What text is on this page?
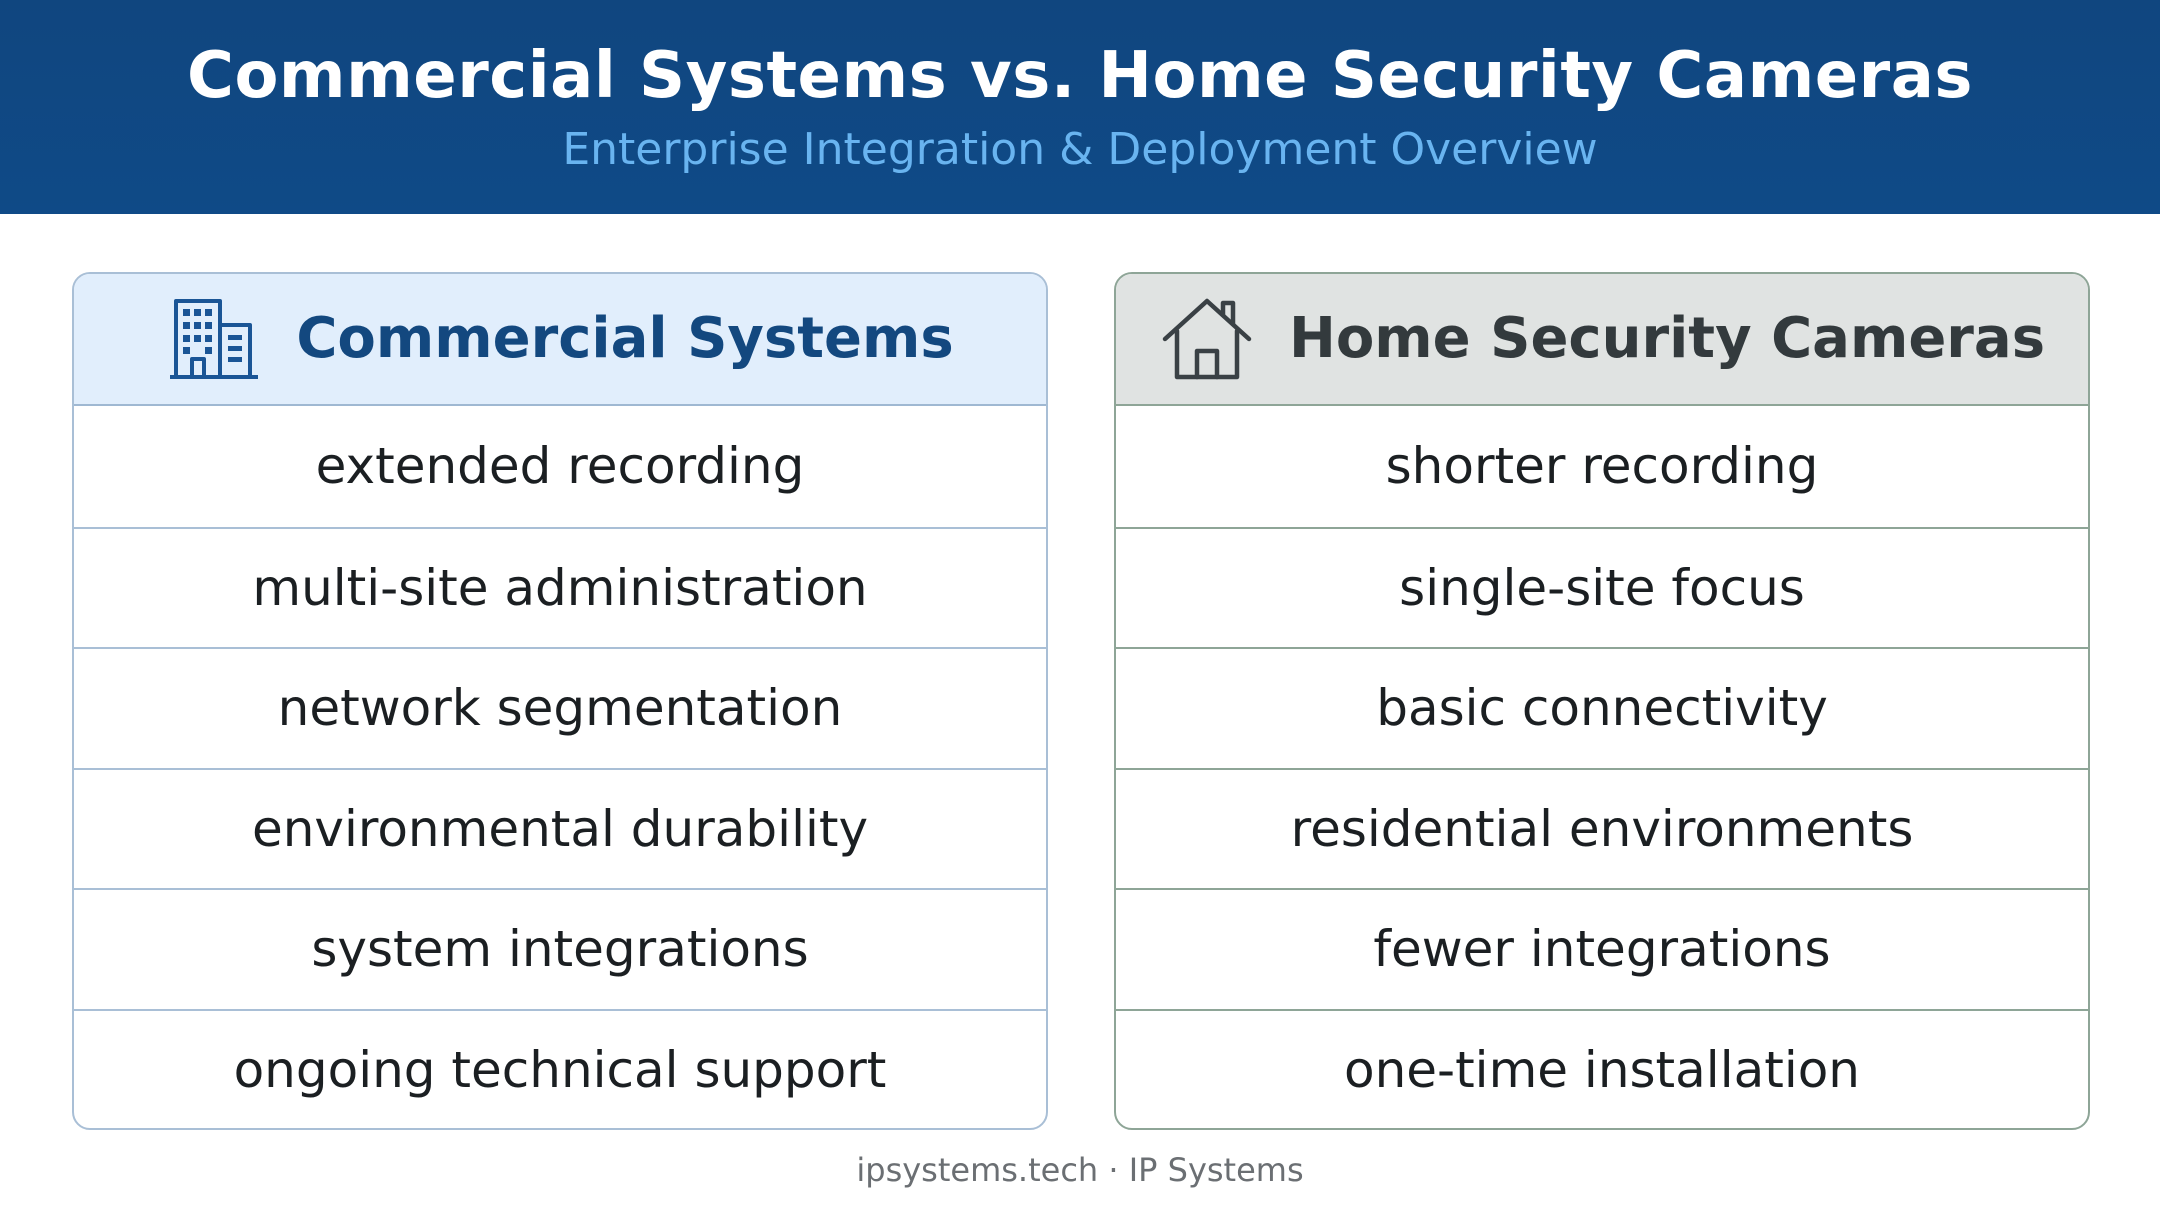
Commercial Systems vs. Home Security Cameras
Enterprise Integration & Deployment Overview
Commercial Systems
extended recording
multi-site administration
network segmentation
environmental durability
system integrations
ongoing technical support
Home Security Cameras
shorter recording
single-site focus
basic connectivity
residential environments
fewer integrations
one-time installation
ipsystems.tech · IP Systems
